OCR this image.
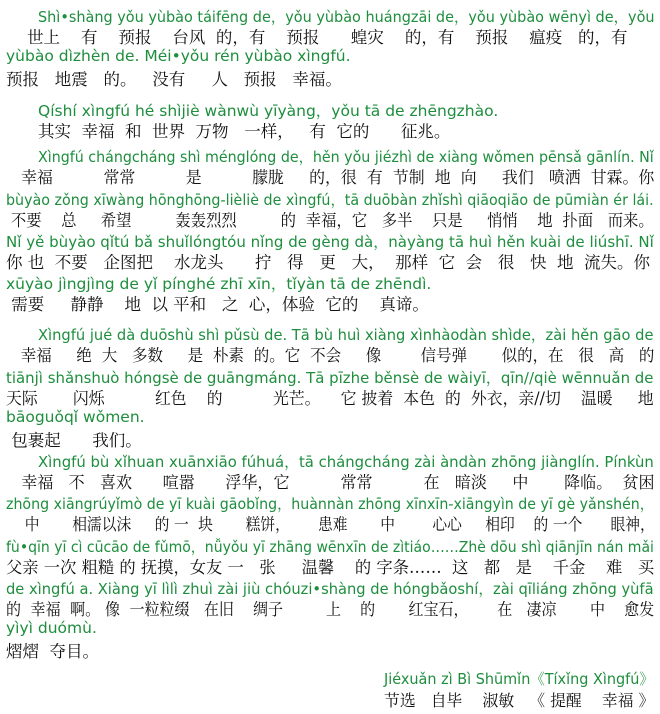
Shì•shàng yǒu yùbào táifēng de，yǒu yùbào huángzāi de，yǒu yùbào wēnyì de，yǒu
世上    有    预报    台风  的，有    预报      蝗灾    的，有    预报    瘟疫   的，有
yùbào dìzhèn de. Méi•yǒu rén yùbào xìngfú.
预报   地震   的。   没有     人   预报   幸福。
Qíshí xìngfú hé shìjiè wànwù yīyàng，yǒu tā de zhēngzhào.
其实  幸福  和  世界  万物   一样，   有  它的      征兆。
Xìngfú chángcháng shì ménglóng de，hěn yǒu jiézhì de xiàng wǒmen pēnsǎ gānlín. Nǐ
幸福          常常          是          朦胧     的，很  有  节制  地  向     我们   喷洒  甘霖。你
bùyào zǒng xīwàng hōnghōng-lièliè de xìngfú，tā duōbàn zhǐshì qiāoqiāo de pūmiàn ér lái.
不要    总     希望         轰轰烈烈         的  幸福，它   多半    只是     悄悄    地  扑面   而来。
Nǐ yě bùyào qǐtú bǎ shuǐlóngtóu nǐng de gèng dà，nàyàng tā huì hěn kuài de liúshī. Nǐ
你 也  不要   企图把    水龙头      拧   得   更   大，  那样  它  会   很   快  地  流失。你
xūyào jìngjìng de yǐ pínghé zhī xīn，tǐyàn tā de zhēndì.
需要     静静    地  以 平和   之  心，体验  它的    真谛。
Xìngfú jué dà duōshù shì pǔsù de. Tā bù huì xiàng xìnhàodàn shìde，zài hěn gāo de
幸福     绝  大   多数     是  朴素  的。它  不会     像        信号弹       似的，在   很   高   的
tiānjì shǎnshuò hóngsè de guāngmáng. Tā pīzhe běnsè de wàiyī，qīn//qiè wēnnuǎn de
天际       闪烁          红色    的          光芒。    它 披着  本色  的  外衣，亲//切    温暖     地
bāoguǒqǐ wǒmen.
包裹起      我们。
Xìngfú bù xǐhuan xuānxiāo fúhuá，tā chángcháng zài àndàn zhōng jiànglín. Pínkùn
幸福   不   喜欢      喧嚣      浮华，它          常常          在   暗淡     中       降临。  贫困
zhōng xiāngrúyǐmò de yī kuài gāobǐng，huànnàn zhōng xīnxīn-xiāngyìn de yī gè yǎnshén，
中       相濡以沫     的 一  块       糕饼，      患难       中        心心     相印    的 一个      眼神，
fù•qīn yī cì cūcāo de fǔmō，nǚyǒu yī zhāng wēnxīn de zìtiáo……Zhè dōu shì qiānjīn nán mǎi
父亲 一次 粗糙 的 抚摸，女友 一   张     温馨    的 字条……  这   都   是    千金    难   买
de xìngfú a. Xiàng yī lìlì zhuì zài jiù chóuzi•shàng de hóngbǎoshí，zài qīliáng zhōng yùfā
的  幸福  啊。 像  一粒粒缀   在旧    绸子         上    的       红宝石，      在   凄凉       中    愈发
yìyì duómù.
熠熠  夺目。
Jiéxuǎn zì Bì Shūmǐn《Tíxǐng Xìngfú》
节选   自毕    淑敏   《 提醒    幸福 》
